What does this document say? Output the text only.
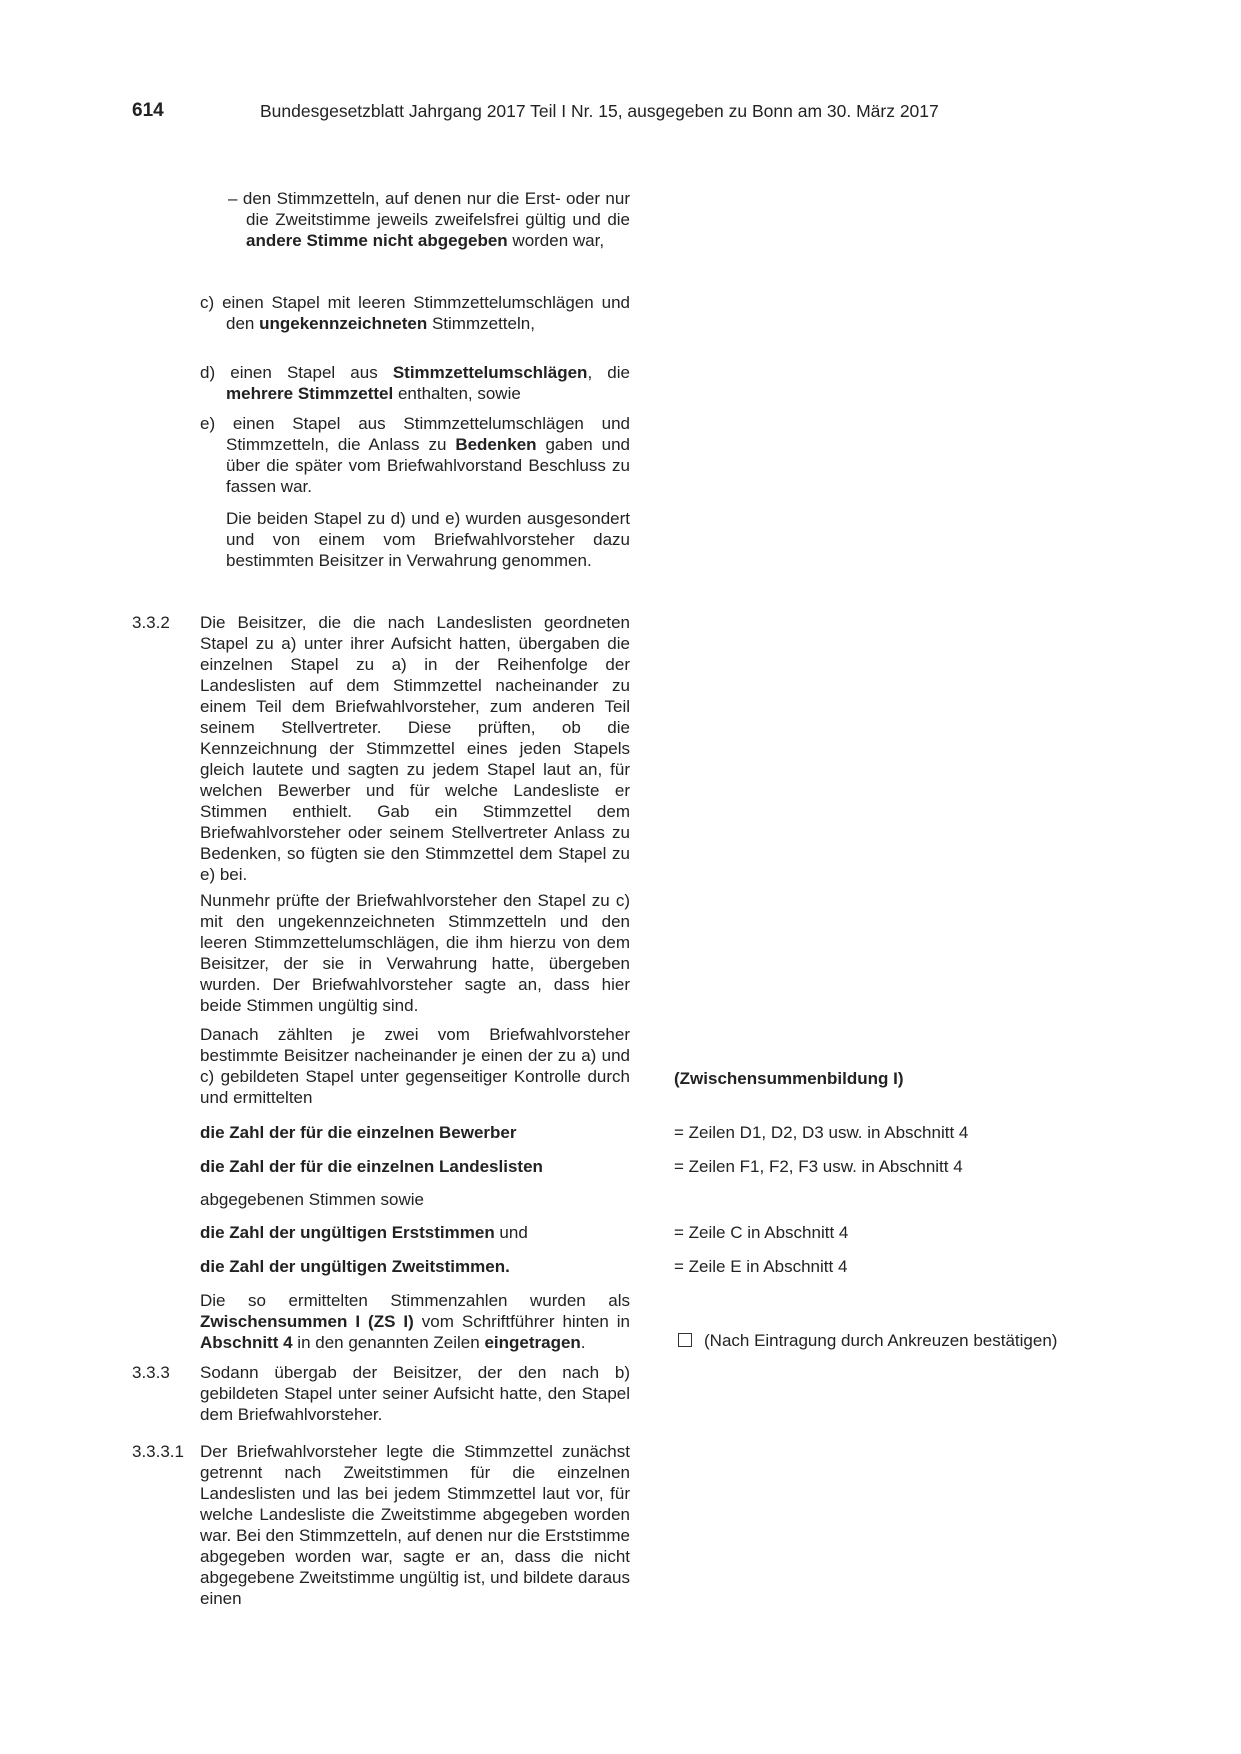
614	Bundesgesetzblatt Jahrgang 2017 Teil I Nr. 15, ausgegeben zu Bonn am 30. März 2017

– den Stimmzetteln, auf denen nur die Erst- oder nur die Zweitstimme jeweils zweifelsfrei gültig und die andere Stimme nicht abgegeben worden war,

c) einen Stapel mit leeren Stimmzettelumschlägen und den ungekennzeichneten Stimmzetteln,

d) einen Stapel aus Stimmzettelumschlägen, die mehrere Stimmzettel enthalten, sowie

e) einen Stapel aus Stimmzettelumschlägen und Stimmzetteln, die Anlass zu Bedenken gaben und über die später vom Briefwahlvorstand Beschluss zu fassen war.

Die beiden Stapel zu d) und e) wurden ausgesondert und von einem vom Briefwahlvorsteher dazu bestimmten Beisitzer in Verwahrung genommen.
3.3.2 Die Beisitzer, die die nach Landeslisten geordneten Stapel zu a) unter ihrer Aufsicht hatten, übergaben die einzelnen Stapel zu a) in der Reihenfolge der Landeslisten auf dem Stimmzettel nacheinander zu einem Teil dem Briefwahlvorsteher, zum anderen Teil seinem Stellvertreter. Diese prüften, ob die Kennzeichnung der Stimmzettel eines jeden Stapels gleich lautete und sagten zu jedem Stapel laut an, für welchen Bewerber und für welche Landesliste er Stimmen enthielt. Gab ein Stimmzettel dem Briefwahlvorsteher oder seinem Stellvertreter Anlass zu Bedenken, so fügten sie den Stimmzettel dem Stapel zu e) bei.
Nunmehr prüfte der Briefwahlvorsteher den Stapel zu c) mit den ungekennzeichneten Stimmzetteln und den leeren Stimmzettelumschlägen, die ihm hierzu von dem Beisitzer, der sie in Verwahrung hatte, übergeben wurden. Der Briefwahlvorsteher sagte an, dass hier beide Stimmen ungültig sind.
Danach zählten je zwei vom Briefwahlvorsteher bestimmte Beisitzer nacheinander je einen der zu a) und c) gebildeten Stapel unter gegenseitiger Kontrolle durch und ermittelten
die Zahl der für die einzelnen Bewerber
die Zahl der für die einzelnen Landeslisten
abgegebenen Stimmen sowie
die Zahl der ungültigen Erststimmen und
die Zahl der ungültigen Zweitstimmen.

Die so ermittelten Stimmenzahlen wurden als Zwischensummen I (ZS I) vom Schriftführer hinten in Abschnitt 4 in den genannten Zeilen eingetragen.

3.3.3 Sodann übergab der Beisitzer, der den nach b) gebildeten Stapel unter seiner Aufsicht hatte, den Stapel dem Briefwahlvorsteher.
3.3.3.1 Der Briefwahlvorsteher legte die Stimmzettel zunächst getrennt nach Zweitstimmen für die einzelnen Landeslisten und las bei jedem Stimmzettel laut vor, für welche Landesliste die Zweitstimme abgegeben worden war. Bei den Stimmzetteln, auf denen nur die Erststimme abgegeben worden war, sagte er an, dass die nicht abgegebene Zweitstimme ungültig ist, und bildete daraus einen
(Zwischensummenbildung I)
= Zeilen D1, D2, D3 usw. in Abschnitt 4
= Zeilen F1, F2, F3 usw. in Abschnitt 4
= Zeile C in Abschnitt 4
= Zeile E in Abschnitt 4
(Nach Eintragung durch Ankreuzen bestätigen)
